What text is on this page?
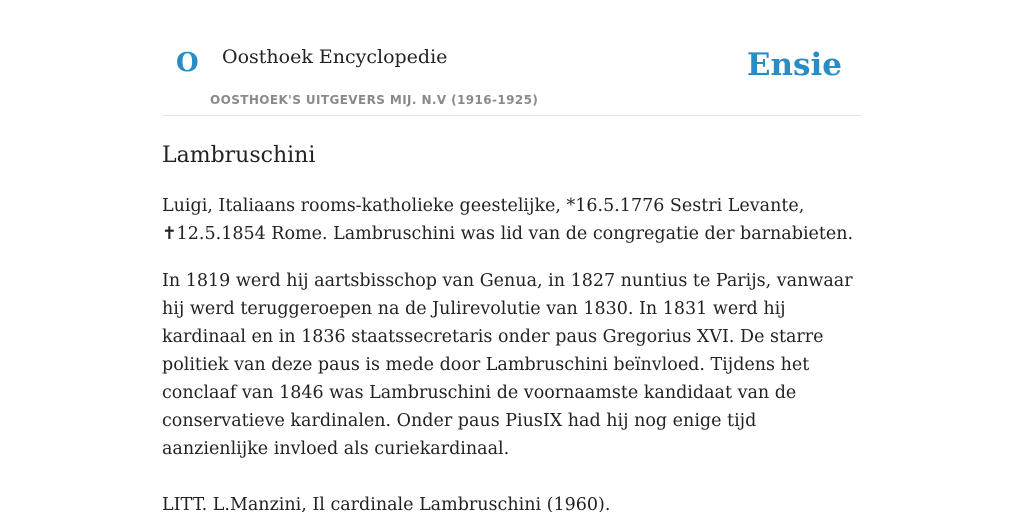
O Oosthoek Encyclopedie
OOSTHOEK'S UITGEVERS MIJ. N.V (1916-1925)
Ensie
Lambruschini

Luigi, Italiaans rooms-katholieke geestelijke, *16.5.1776 Sestri Levante, ✝12.5.1854 Rome. Lambruschini was lid van de congregatie der barnabieten.

In 1819 werd hij aartsbisschop van Genua, in 1827 nuntius te Parijs, vanwaar hij werd teruggeroepen na de Julirevolutie van 1830. In 1831 werd hij kardinaal en in 1836 staatssecretaris onder paus Gregorius XVI. De starre politiek van deze paus is mede door Lambruschini beïnvloed. Tijdens het conclaaf van 1846 was Lambruschini de voornaamste kandidaat van de conservatieve kardinalen. Onder paus PiusIX had hij nog enige tijd aanzienlijke invloed als curiekardinaal.

LITT. L.Manzini, Il cardinale Lambruschini (1960).
